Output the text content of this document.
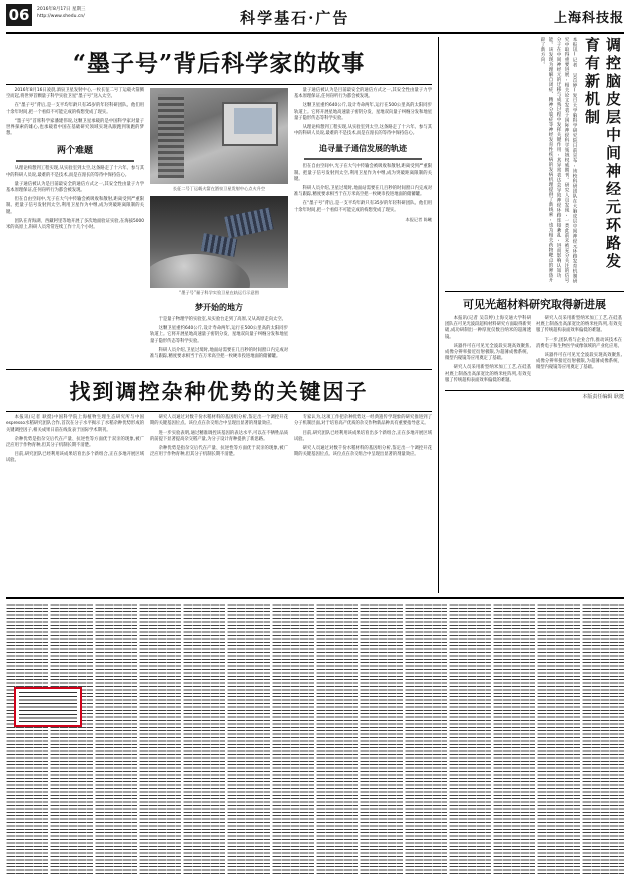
06	2016年8月17日 星期三
http://www.shedu.cn/	科学基石·广告	上海科技报
“墨子号”背后科学家的故事

2016年8月16日凌晨,酒泉卫星发射中心,一枚长征二号丁运载火箭腾空而起,将世界首颗量子科学实验卫星“墨子号”送入太空。

在“墨子号”背后,是一支平均年龄只有35岁的年轻科研团队。他们用十余年时间,把一个看似不可能完成的构想变成了现实。

“墨子号”首席科学家潘建伟说,这颗卫星承载的是中国科学家对量子世界探索的雄心,也承载着中国在基础研究领域实现从跟跑到领跑的梦想。

两个难题

从理论构想到工程实现,从实验室到太空,这条路走了十六年。参与其中的科研人员说,最难的不是技术,而是在漫长的等待中保持信心。

量子通信被认为是目前最安全的通信方式之一,其安全性由量子力学基本原理保证,任何窃听行为都会被发现。

但在自由空间中,光子在大气中传输会被吸收和散射,距离受到严重限制。把量子信号发射到太空,利用卫星作为中继,成为突破距离限制的关键。

团队在青海湖、西藏阿里等地开展了多次地面验证实验,在海拔5000米的高原上,科研人员常常连续工作十几个小时。

长征二号丁运载火箭在酒泉卫星发射中心点火升空
“墨子号”量子科学实验卫星在轨运行示意图
梦开始的地方

于是量子物理学的实验室,从实验台走到了高原,又从高原走向太空。

这颗卫星重约640公斤,设计寿命两年,运行在500公里高的太阳同步轨道上。它将开展星地高速量子密钥分发、星地双向量子纠缠分发和地星量子隐形传态等科学实验。

科研人员介绍,卫星过境时,地面站需要在几百秒的时间窗口内完成对准与跟踪,精度要求相当于在万米高空把一枚硬币投进地面的储蓄罐。

量子通信被认为是目前最安全的通信方式之一,其安全性由量子力学基本原理保证,任何窃听行为都会被发现。

这颗卫星重约640公斤,设计寿命两年,运行在500公里高的太阳同步轨道上。它将开展星地高速量子密钥分发、星地双向量子纠缠分发和地星量子隐形传态等科学实验。

从理论构想到工程实现,从实验室到太空,这条路走了十六年。参与其中的科研人员说,最难的不是技术,而是在漫长的等待中保持信心。

追寻量子通信发展的轨迹

但在自由空间中,光子在大气中传输会被吸收和散射,距离受到严重限制。把量子信号发射到太空,利用卫星作为中继,成为突破距离限制的关键。

科研人员介绍,卫星过境时,地面站需要在几百秒的时间窗口内完成对准与跟踪,精度要求相当于在万米高空把一枚硬币投进地面的储蓄罐。

在“墨子号”背后,是一支平均年龄只有35岁的年轻科研团队。他们用十余年时间,把一个看似不可能完成的构想变成了现实。

本报记者 陈曦
找到调控杂种优势的关键因子

本报讯(记者 耿挺)中国科学院上海植物生理生态研究所与中国espresso水稻研究团队合作,首次在分子水平揭示了水稻杂种优势形成的关键调控因子,相关成果日前在线发表于国际学术期刊。

杂种优势是指杂交后代在产量、抗逆性等方面优于双亲的现象,被广泛应用于作物育种,但其分子机制长期不清楚。

目前,研究团队已经利用该成果培育出多个新组合,正在多地开展区域试验。

研究人员通过对数千份水稻材料的基因组分析,鉴定出一个调控开花期的关键基因位点。该位点在杂交组合中呈现出显著的剂量效应。

进一步实验表明,通过精准调控该基因的表达水平,可以在不牺牲品质的前提下显著提高杂交稻产量,为分子设计育种提供了新思路。

杂种优势是指杂交后代在产量、抗逆性等方面优于双亲的现象,被广泛应用于作物育种,但其分子机制长期不清楚。

专家认为,这项工作把杂种优势这一经典遗传学现象的研究推进到了分子机制层面,对于培育高产优质的杂交作物新品种具有重要指导意义。

目前,研究团队已经利用该成果培育出多个新组合,正在多地开展区域试验。

研究人员通过对数千份水稻材料的基因组分析,鉴定出一个调控开花期的关键基因位点。该位点在杂交组合中呈现出显著的剂量效应。

本报讯(记者 吴苡婷)复旦大学脑科学研究院日前宣布,该校科研团队在大脑皮层中间神经元环路发育机制研究中取得重要进展,相关论文发表于国际神经科学领域权威期刊。研究人员发现,一类此前未被充分关注的信号分子在中间神经元的迁移与成熟过程中发挥关键作用,其异常表达会导致神经环路连接紊乱,进而影响认知功能。该发现为理解自闭症、精神分裂症等神经发育性疾病的发病机理提供了新线索,也为相关药物靶点的筛选开辟了新方向。	调控脑皮层中间神经元环路发育有新机制
可见光超材料研究取得新进展

本报讯(记者 吴苡婷)上海交通大学科研团队在可见光波段超构材料研究方面取得新突破,成功研制出一种厚度仅数百纳米的超薄透镜。

该器件可在可见光全波段实现高效聚焦,成像分辨率接近衍射极限,为超薄成像系统、微型内窥镜等应用奠定了基础。

研究人员采用新型纳米加工工艺,在硅基衬底上制备出高深宽比的纳米柱阵列,有效克服了传统超构表面效率偏低的难题。

研究人员采用新型纳米加工工艺,在硅基衬底上制备出高深宽比的纳米柱阵列,有效克服了传统超构表面效率偏低的难题。

下一步,团队将与企业合作,推动该技术在消费电子和生物医学成像领域的产业化应用。

该器件可在可见光全波段实现高效聚焦,成像分辨率接近衍射极限,为超薄成像系统、微型内窥镜等应用奠定了基础。

本版责任编辑 耿挺
